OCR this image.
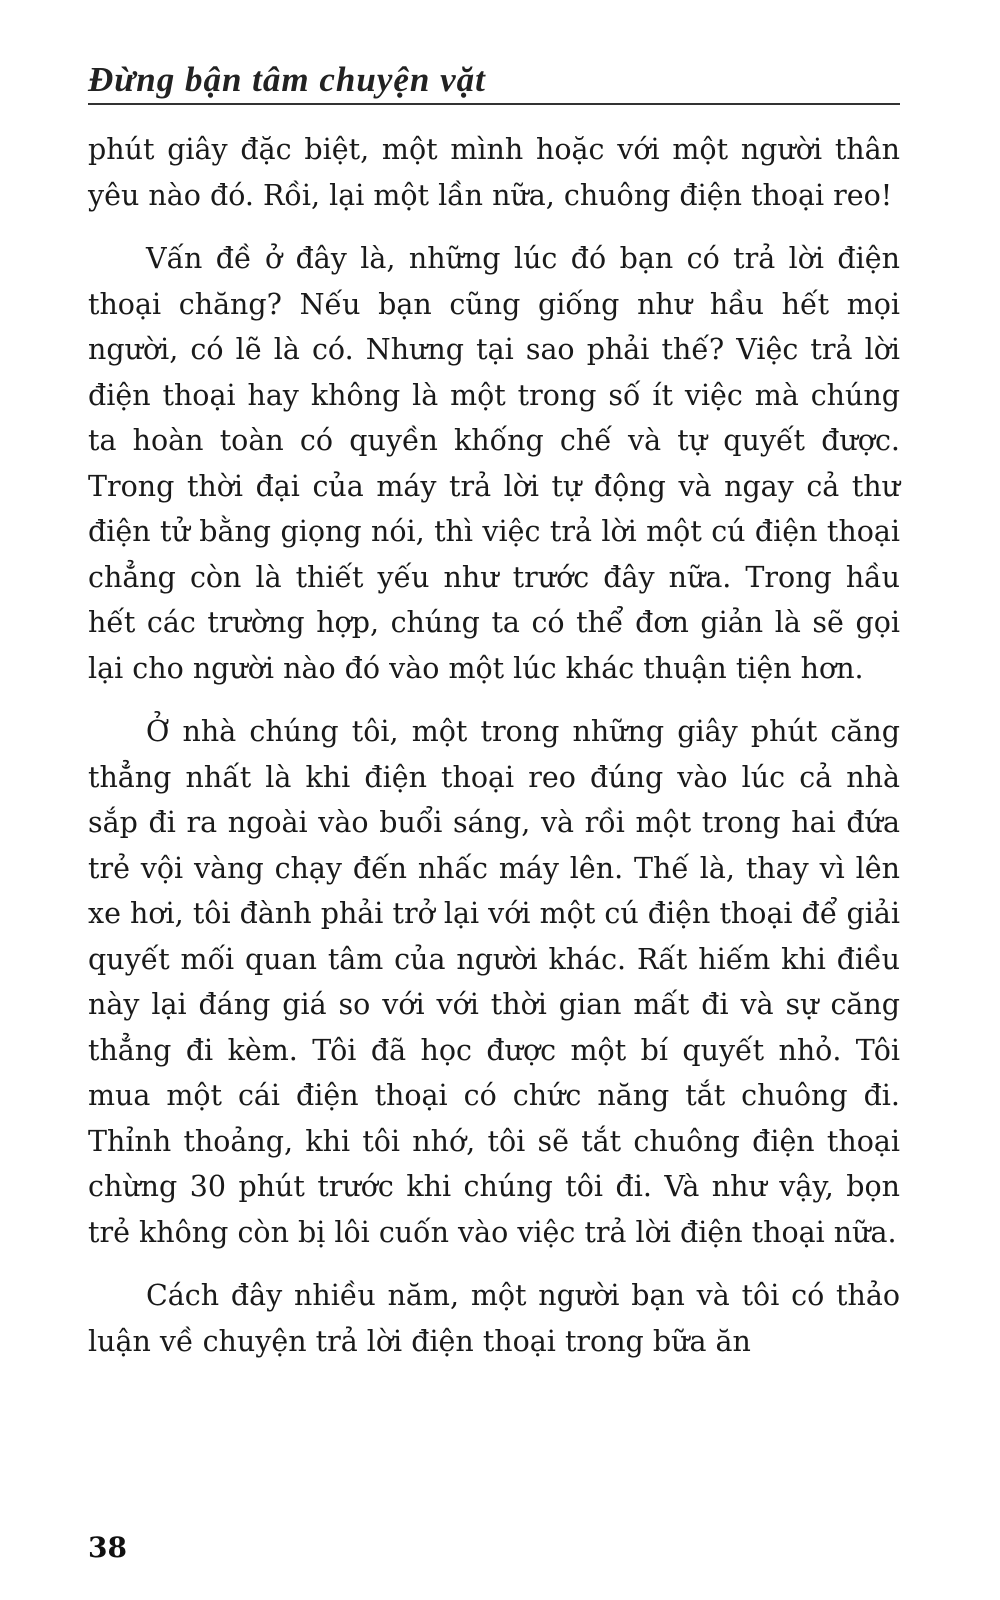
Đừng bận tâm chuyện vặt

phút giây đặc biệt, một mình hoặc với một người thân yêu nào đó. Rồi, lại một lần nữa, chuông điện thoại reo!

Vấn đề ở đây là, những lúc đó bạn có trả lời điện thoại chăng? Nếu bạn cũng giống như hầu hết mọi người, có lẽ là có. Nhưng tại sao phải thế? Việc trả lời điện thoại hay không là một trong số ít việc mà chúng ta hoàn toàn có quyền khống chế và tự quyết được. Trong thời đại của máy trả lời tự động và ngay cả thư điện tử bằng giọng nói, thì việc trả lời một cú điện thoại chẳng còn là thiết yếu như trước đây nữa. Trong hầu hết các trường hợp, chúng ta có thể đơn giản là sẽ gọi lại cho người nào đó vào một lúc khác thuận tiện hơn.

Ở nhà chúng tôi, một trong những giây phút căng thẳng nhất là khi điện thoại reo đúng vào lúc cả nhà sắp đi ra ngoài vào buổi sáng, và rồi một trong hai đứa trẻ vội vàng chạy đến nhấc máy lên. Thế là, thay vì lên xe hơi, tôi đành phải trở lại với một cú điện thoại để giải quyết mối quan tâm của người khác. Rất hiếm khi điều này lại đáng giá so với với thời gian mất đi và sự căng thẳng đi kèm. Tôi đã học được một bí quyết nhỏ. Tôi mua một cái điện thoại có chức năng tắt chuông đi. Thỉnh thoảng, khi tôi nhớ, tôi sẽ tắt chuông điện thoại chừng 30 phút trước khi chúng tôi đi. Và như vậy, bọn trẻ không còn bị lôi cuốn vào việc trả lời điện thoại nữa.

Cách đây nhiều năm, một người bạn và tôi có thảo luận về chuyện trả lời điện thoại trong bữa ăn

38
